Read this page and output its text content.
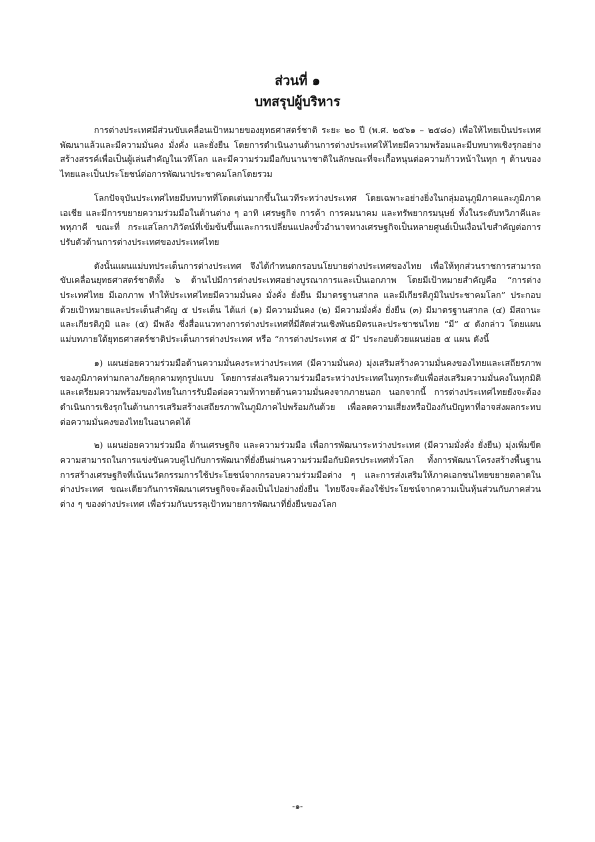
ส่วนที่ ๑
บทสรุปผู้บริหาร

การต่างประเทศมีส่วนขับเคลื่อนเป้าหมายของยุทธศาสตร์ชาติ ระยะ ๒๐ ปี (พ.ศ. ๒๕๖๑ – ๒๕๘๐) เพื่อให้ไทยเป็นประเทศพัฒนาแล้วและมีความมั่นคง มั่งคั่ง และยั่งยืน โดยการดำเนินงานด้านการต่างประเทศให้ไทยมีความพร้อมและมีบทบาทเชิงรุกอย่างสร้างสรรค์เพื่อเป็นผู้เล่นสำคัญในเวทีโลก และมีความร่วมมือกับนานาชาติในลักษณะที่จะเกื้อหนุนต่อความก้าวหน้าในทุก ๆ ด้านของไทยและเป็นประโยชน์ต่อการพัฒนาประชาคมโลกโดยรวม

โลกปัจจุบันประเทศไทยมีบทบาทที่โดดเด่นมากขึ้นในเวทีระหว่างประเทศ โดยเฉพาะอย่างยิ่งในกลุ่มอนุภูมิภาคและภูมิภาคเอเชีย และมีการขยายความร่วมมือในด้านต่าง ๆ อาทิ เศรษฐกิจ การค้า การคมนาคม และทรัพยากรมนุษย์ ทั้งในระดับทวิภาคีและพหุภาคี ขณะที่ กระแสโลกาภิวัตน์ที่เข้มข้นขึ้นและการเปลี่ยนแปลงขั้วอำนาจทางเศรษฐกิจเป็นหลายศูนย์เป็นเงื่อนไขสำคัญต่อการปรับตัวด้านการต่างประเทศของประเทศไทย

ดังนั้นแผนแม่บทประเด็นการต่างประเทศ จึงได้กำหนดกรอบนโยบายต่างประเทศของไทย เพื่อให้ทุกส่วนราชการสามารถขับเคลื่อนยุทธศาสตร์ชาติทั้ง ๖ ด้านไปมีการต่างประเทศอย่างบูรณาการและเป็นเอกภาพ โดยมีเป้าหมายสำคัญคือ “การต่างประเทศไทย มีเอกภาพ ทำให้ประเทศไทยมีความมั่นคง มั่งคั่ง ยั่งยืน มีมาตรฐานสากล และมีเกียรติภูมิในประชาคมโลก” ประกอบด้วยเป้าหมายและประเด็นสำคัญ ๕ ประเด็น ได้แก่ (๑) มีความมั่นคง (๒) มีความมั่งคั่ง ยั่งยืน (๓) มีมาตรฐานสากล (๔) มีสถานะและเกียรติภูมิ และ (๕) มีพลัง ซึ่งสื่อแนวทางการต่างประเทศที่มีสัดส่วนเชิงพันธมิตรและประชาชนไทย “มี” ๕ ดังกล่าว โดยแผนแม่บทภายใต้ยุทธศาสตร์ชาติประเด็นการต่างประเทศ หรือ “การต่างประเทศ ๕ มี” ประกอบด้วยแผนย่อย ๕ แผน ดังนี้

๑) แผนย่อยความร่วมมือด้านความมั่นคงระหว่างประเทศ (มีความมั่นคง) มุ่งเสริมสร้างความมั่นคงของไทยและเสถียรภาพของภูมิภาคท่ามกลางภัยคุกคามทุกรูปแบบ โดยการส่งเสริมความร่วมมือระหว่างประเทศในทุกระดับเพื่อส่งเสริมความมั่นคงในทุกมิติและเตรียมความพร้อมของไทยในการรับมือต่อความท้าทายด้านความมั่นคงจากภายนอก นอกจากนี้ การต่างประเทศไทยยังจะต้องดำเนินการเชิงรุกในด้านการเสริมสร้างเสถียรภาพในภูมิภาคไปพร้อมกันด้วย เพื่อลดความเสี่ยงหรือป้องกันปัญหาที่อาจส่งผลกระทบต่อความมั่นคงของไทยในอนาคตได้

๒) แผนย่อยความร่วมมือ ด้านเศรษฐกิจ และความร่วมมือ เพื่อการพัฒนาระหว่างประเทศ (มีความมั่งคั่ง ยั่งยืน) มุ่งเพิ่มขีดความสามารถในการแข่งขันควบคู่ไปกับการพัฒนาที่ยั่งยืนผ่านความร่วมมือกับมิตรประเทศทั่วโลก ทั้งการพัฒนาโครงสร้างพื้นฐาน การสร้างเศรษฐกิจที่เน้นนวัตกรรมการใช้ประโยชน์จากกรอบความร่วมมือต่าง ๆ และการส่งเสริมให้ภาคเอกชนไทยขยายตลาดในต่างประเทศ ขณะเดียวกันการพัฒนาเศรษฐกิจจะต้องเป็นไปอย่างยั่งยืน ไทยจึงจะต้องใช้ประโยชน์จากความเป็นหุ้นส่วนกับภาคส่วนต่าง ๆ ของต่างประเทศ เพื่อร่วมกันบรรลุเป้าหมายการพัฒนาที่ยั่งยืนของโลก

-๑-
